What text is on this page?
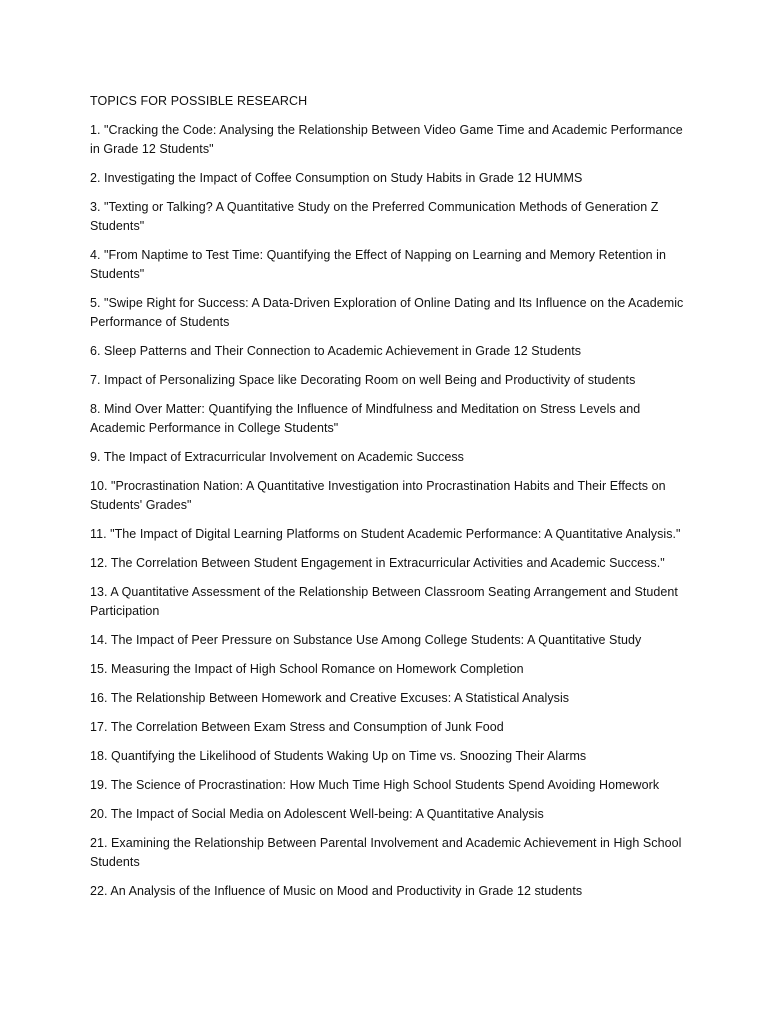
TOPICS FOR POSSIBLE RESEARCH
1. "Cracking the Code: Analysing the Relationship Between Video Game Time and Academic Performance in Grade 12 Students"
2. Investigating the Impact of Coffee Consumption on Study Habits in Grade 12 HUMMS
3. "Texting or Talking? A Quantitative Study on the Preferred Communication Methods of Generation Z Students"
4. "From Naptime to Test Time: Quantifying the Effect of Napping on Learning and Memory Retention in Students"
5. "Swipe Right for Success: A Data-Driven Exploration of Online Dating and Its Influence on the Academic Performance of Students
6. Sleep Patterns and Their Connection to Academic Achievement in Grade 12 Students
7. Impact of Personalizing Space like Decorating Room on well Being and Productivity of students
8. Mind Over Matter: Quantifying the Influence of Mindfulness and Meditation on Stress Levels and Academic Performance in College Students"
9. The Impact of Extracurricular Involvement on Academic Success
10. "Procrastination Nation: A Quantitative Investigation into Procrastination Habits and Their Effects on Students' Grades"
11. "The Impact of Digital Learning Platforms on Student Academic Performance: A Quantitative Analysis."
12. The Correlation Between Student Engagement in Extracurricular Activities and Academic Success."
13. A Quantitative Assessment of the Relationship Between Classroom Seating Arrangement and Student Participation
14. The Impact of Peer Pressure on Substance Use Among College Students: A Quantitative Study
15. Measuring the Impact of High School Romance on Homework Completion
16. The Relationship Between Homework and Creative Excuses: A Statistical Analysis
17. The Correlation Between Exam Stress and Consumption of Junk Food
18. Quantifying the Likelihood of Students Waking Up on Time vs. Snoozing Their Alarms
19. The Science of Procrastination: How Much Time High School Students Spend Avoiding Homework
20. The Impact of Social Media on Adolescent Well-being: A Quantitative Analysis
21. Examining the Relationship Between Parental Involvement and Academic Achievement in High School Students
22. An Analysis of the Influence of Music on Mood and Productivity in Grade 12 students
